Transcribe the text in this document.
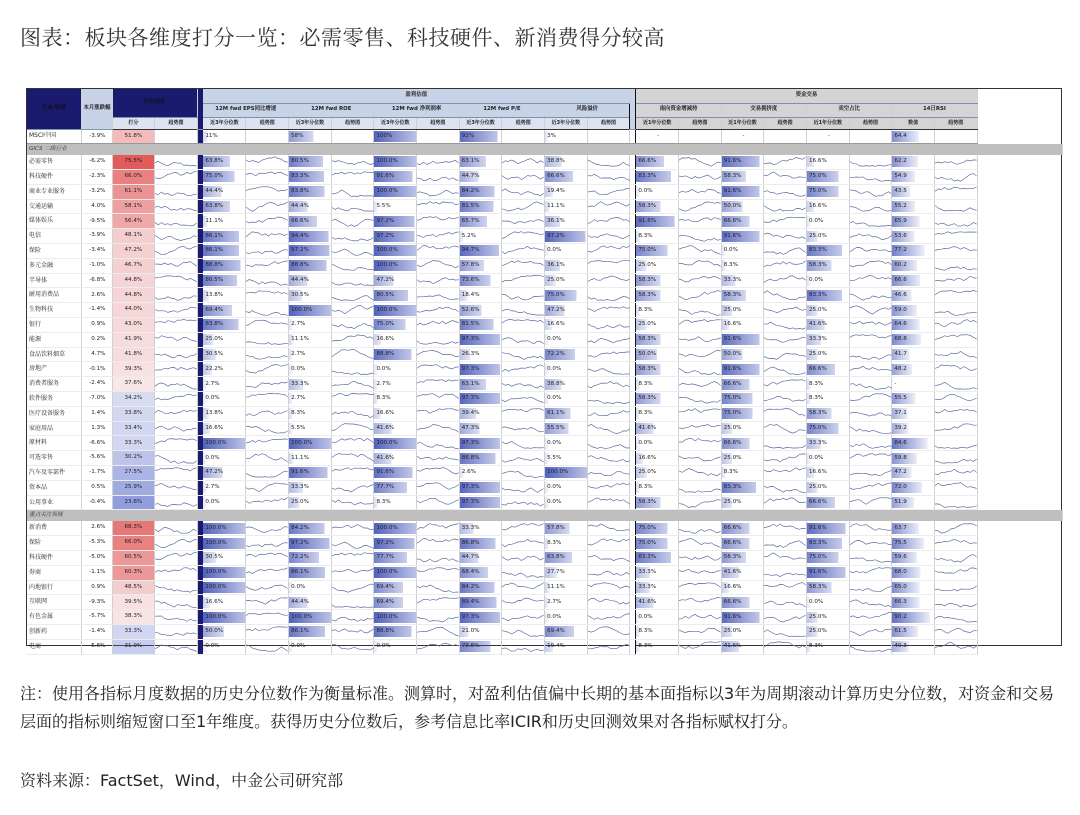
图表：板块各维度打分一览：必需零售、科技硬件、新消费得分较高
行业/领域	本月涨跌幅	打分加总			盈利估值											资金交易							
					12M fwd EPS同比增速		12M fwd ROE		12M fwd 净利润率		12M fwd P/E		风险溢价			南向资金增减持		交易拥挤度		卖空占比		14日RSI	
		打分	趋势图		近3年分位数	趋势图	近3年分位数	趋势图	近3年分位数	趋势图	近3年分位数	趋势图	近3年分位数	趋势图		近1年分位数	趋势图	近1年分位数	趋势图	近1年分位数	趋势图	数值	趋势图
MSCI中国	-3.9%	51.8%			11%		58%		100%		92%		3%			-		-		-		64.4	

GICS 二级行业																							
必需零售	-6.2%	75.5%			63.8%		80.5%		100.0%		63.1%		38.8%			66.6%		91.6%		16.6%		62.2

科技硬件	-2.3%	66.0%			75.0%		83.3%		91.6%		44.7%		66.6%			83.3%		58.3%		75.0%		54.9

商业专业服务	-3.2%	61.1%			44.4%		83.8%		100.0%		84.2%		19.4%			0.0%		91.6%		75.0%		43.5

交通运输	4.0%	58.1%			63.8%		44.4%		5.5%		81.5%		11.1%			58.3%		50.0%		16.6%		55.2

媒体娱乐	-9.5%	56.4%			11.1%		66.6%		97.2%		65.7%		36.1%			91.6%		66.6%		0.0%		65.9

电信	-3.9%	48.1%			86.1%		94.4%		97.2%		5.2%		97.2%			8.3%		91.6%		25.0%		53.6

保险	-3.4%	47.2%			86.1%		97.2%		100.0%		94.7%		0.0%			75.0%		0.0%		83.3%		77.2

多元金融	-1.0%	46.7%			88.8%		88.8%		100.0%		57.8%		36.1%			25.0%		8.3%		58.3%		60.2

半导体	-6.8%	44.8%			80.5%		44.4%		47.2%		73.6%		25.0%			58.3%		33.3%		0.0%		66.6

耐用消费品	2.6%	44.8%			13.8%		30.5%		80.5%		18.4%		75.0%			58.3%		58.3%		83.3%		46.6

生物科技	-1.4%	44.0%			69.4%		100.0%		100.0%		52.6%		47.2%			8.3%		25.0%		25.0%		59.0

银行	0.9%	43.0%			83.8%		2.7%		75.0%		81.5%		16.6%			25.0%		16.6%		41.6%		64.6

能源	0.2%	41.9%			25.0%		11.1%		16.6%		97.3%		0.0%			58.3%		91.6%		33.3%		68.8

食品饮料烟草	4.7%	41.8%			30.5%		2.7%		88.8%		26.3%		72.2%			50.0%		50.0%		25.0%		41.7

房地产	-0.1%	39.3%			22.2%		0.0%		0.0%		97.3%		0.0%			58.3%		91.6%		66.6%		48.2

消费者服务	-2.4%	37.6%			2.7%		33.3%		2.7%		63.1%		38.8%			8.3%		66.6%		8.3%		-

软件服务	-7.0%	34.2%			0.0%		2.7%		8.3%		97.3%		0.0%			58.3%		75.0%		8.3%		55.5

医疗设备服务	1.4%	33.8%			13.8%		8.3%		16.6%		39.4%		61.1%			8.3%		75.0%		58.3%		37.1

家庭用品	1.3%	33.4%			16.6%		5.5%		41.6%		47.3%		55.5%			41.6%		25.0%		75.0%		39.2

原材料	-6.6%	33.3%			100.0%		100.0%		100.0%		97.3%		0.0%			0.0%		66.6%		33.3%		84.6

可选零售	-5.6%	30.2%			0.0%		11.1%		41.6%		86.8%		5.5%			16.6%		25.0%		0.0%		59.8

汽车及零部件	-1.7%	27.5%			47.2%		91.6%		91.6%		2.6%		100.0%			25.0%		8.3%		16.6%		47.2

资本品	0.5%	25.9%			2.7%		33.3%		77.7%		97.3%		0.0%			8.3%		83.3%		25.0%		72.0

公用事业	-0.4%	23.6%			0.0%		25.0%		8.3%		97.3%		0.0%			58.3%		25.0%		66.6%		51.9

重点关注领域																							
新消费	2.6%	68.3%			100.0%		84.2%		100.0%		33.3%		57.8%			75.0%		66.6%		91.6%		63.7

保险	-5.3%	66.0%			100.0%		97.2%		97.2%		86.8%		8.3%			75.0%		66.6%		83.3%		75.5

科技硬件	-5.0%	60.5%			30.5%		72.2%		77.7%		44.7%		63.8%			83.3%		58.3%		75.0%		59.6

券商	-1.1%	60.3%			100.0%		86.1%		100.0%		68.4%		27.7%			33.3%		41.6%		91.6%		68.0

内地银行	0.9%	48.5%			100.0%		0.0%		69.4%		84.2%		11.1%			33.3%		16.6%		58.3%		65.0

互联网	-9.3%	39.5%			16.6%		44.4%		69.4%		89.4%		2.7%			41.6%		66.6%		0.0%		66.3

有色金属	-5.7%	38.3%			100.0%		100.0%		100.0%		97.3%		0.0%			0.0%		91.6%		25.0%		90.2

创新药	-1.4%	33.3%			50.0%		86.1%		88.8%		21.0%		69.4%			8.3%		25.0%		25.0%		61.5

电商	-5.6%	31.9%			0.0%		0.0%		0.0%		73.6%		19.4%			8.3%		41.6%		8.3%		40.3

注：使用各指标月度数据的历史分位数作为衡量标准。测算时，对盈利估值偏中长期的基本面指标以3年为周期滚动计算历史分位数，对资金和交易层面的指标则缩短窗口至1年维度。获得历史分位数后，参考信息比率ICIR和历史回测效果对各指标赋权打分。
资料来源：FactSet，Wind，中金公司研究部
